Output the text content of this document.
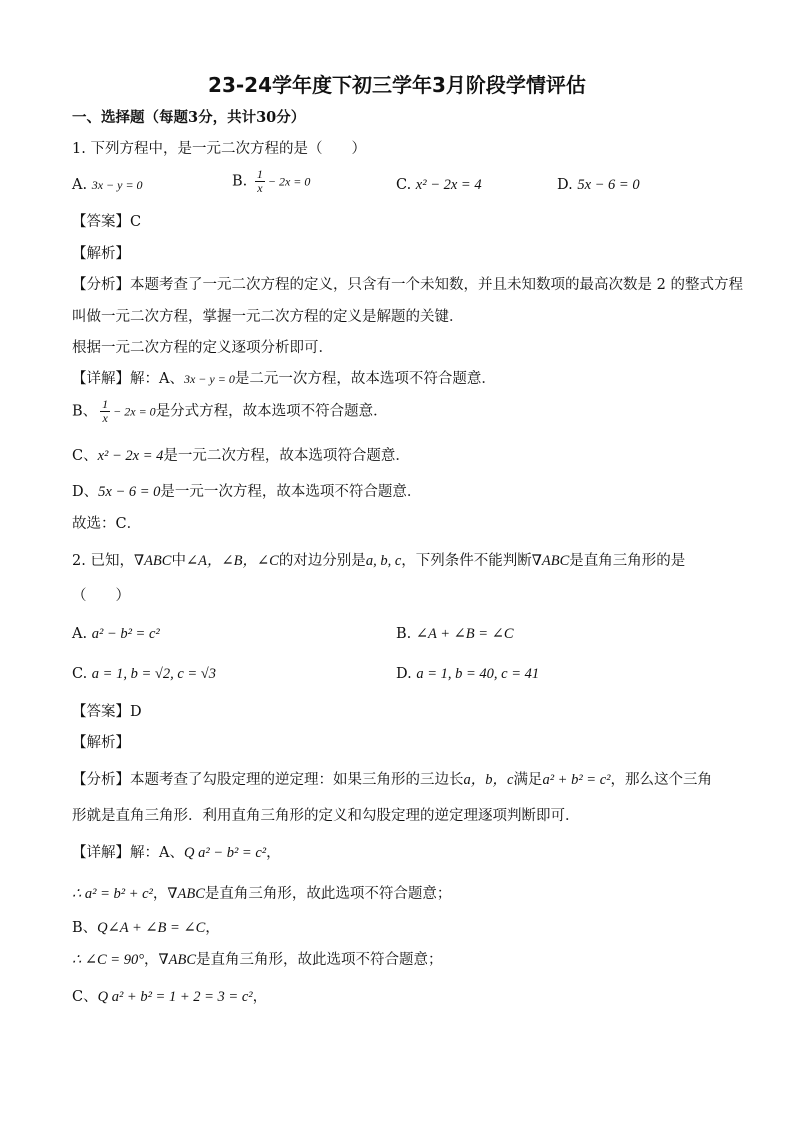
23-24学年度下初三学年3月阶段学情评估
一、选择题（每题3分，共计30分）
1. 下列方程中，是一元二次方程的是（　　）
A. 3x − y = 0	B. $\frac{1}{x} - 2x = 0$	C. x² − 2x = 4	D. 5x − 6 = 0
【答案】C
【解析】
【分析】本题考查了一元二次方程的定义，只含有一个未知数，并且未知数项的最高次数是 2 的整式方程
叫做一元二次方程，掌握一元二次方程的定义是解题的关键．
根据一元二次方程的定义逐项分析即可．
【详解】解：A、3x − y = 0是二元一次方程，故本选项不符合题意．
B、 $\frac{1}{x} - 2x = 0$是分式方程，故本选项不符合题意．
C、x² − 2x = 4是一元二次方程，故本选项符合题意．
D、5x − 6 = 0是一元一次方程，故本选项不符合题意．
故选：C．
2. 已知，∇ABC中∠A，∠B，∠C的对边分别是a, b, c，下列条件不能判断∇ABC是直角三角形的是
（　　）
A. a² − b² = c²	B. ∠A + ∠B = ∠C
C. a = 1, b = √2, c = √3	D. a = 1, b = 40, c = 41
【答案】D
【解析】
【分析】本题考查了勾股定理的逆定理：如果三角形的三边长a，b，c满足a² + b² = c²，那么这个三角
形就是直角三角形．利用直角三角形的定义和勾股定理的逆定理逐项判断即可．
【详解】解：A、Q a² − b² = c²，
∴ a² = b² + c²，∇ABC是直角三角形，故此选项不符合题意；
B、Q∠A + ∠B = ∠C，
∴ ∠C = 90°，∇ABC是直角三角形，故此选项不符合题意；
C、Q a² + b² = 1 + 2 = 3 = c²，
